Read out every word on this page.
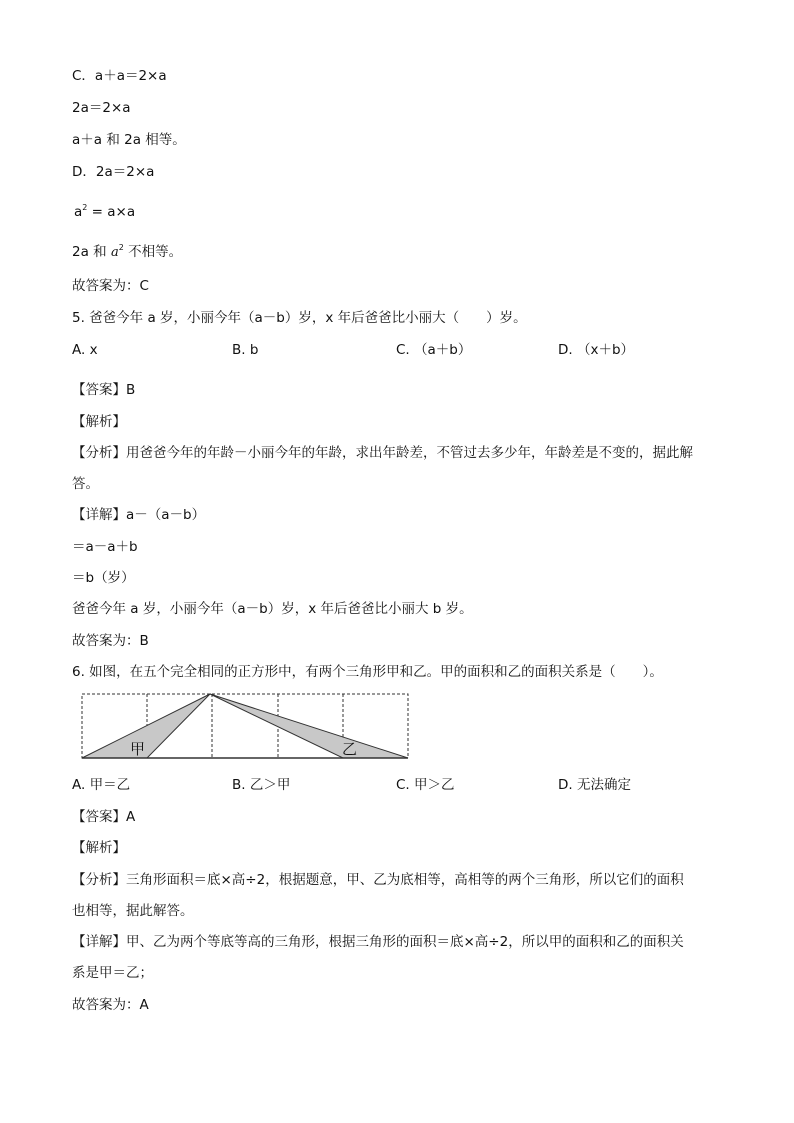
C．a＋a＝2×a
2a＝2×a
a＋a 和 2a 相等。
D．2a＝2×a
$a^2 = a\times a$
2a 和 $a^2$ 不相等。
故答案为：C
5. 爸爸今年 a 岁，小丽今年（a－b）岁，x 年后爸爸比小丽大（　　）岁。
A. x	B. b	C. （a＋b）	D. （x＋b）
【答案】B
【解析】
【分析】用爸爸今年的年龄－小丽今年的年龄，求出年龄差，不管过去多少年，年龄差是不变的，据此解
答。
【详解】a－（a－b）
＝a－a＋b
＝b（岁）
爸爸今年 a 岁，小丽今年（a－b）岁，x 年后爸爸比小丽大 b 岁。
故答案为：B
6. 如图，在五个完全相同的正方形中，有两个三角形甲和乙。甲的面积和乙的面积关系是（　　）。
甲	乙
A. 甲＝乙	B. 乙＞甲	C. 甲＞乙	D. 无法确定
【答案】A
【解析】
【分析】三角形面积＝底×高÷2，根据题意，甲、乙为底相等，高相等的两个三角形，所以它们的面积
也相等，据此解答。
【详解】甲、乙为两个等底等高的三角形，根据三角形的面积＝底×高÷2，所以甲的面积和乙的面积关
系是甲＝乙；
故答案为：A
